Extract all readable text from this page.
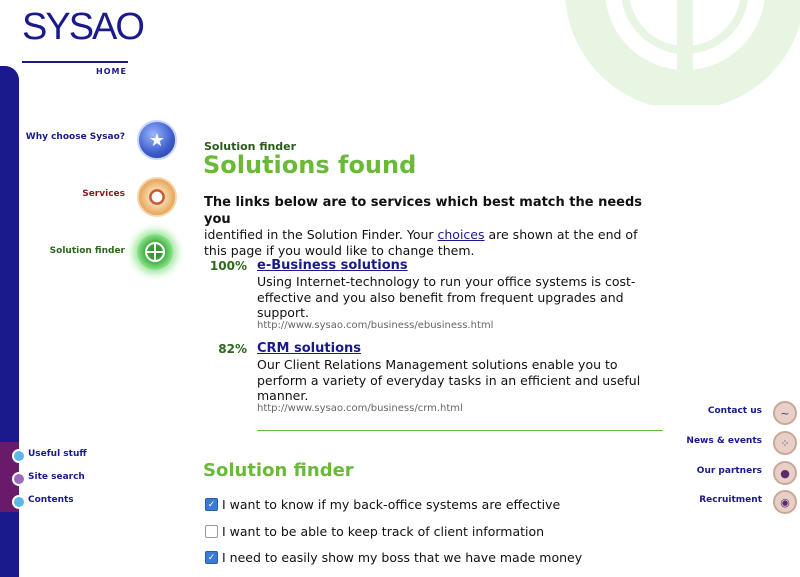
SYSAO
HOME
Why choose Sysao?	★
Services
Solution finder
Useful stuff
Site search
Contents
Contact us	~
News & events	⁘
Our partners	●
Recruitment	◉
Solution finder
Solutions found
The links below are to services which best match the needs you
identified in the Solution Finder. Your choices are shown at the end of this page if you would like to change them.
100% e-Business solutions
Using Internet-technology to run your office systems is cost-effective and you also benefit from frequent upgrades and support.
http://www.sysao.com/business/ebusiness.html
82% CRM solutions
Our Client Relations Management solutions enable you to perform a variety of everyday tasks in an efficient and useful manner.
http://www.sysao.com/business/crm.html
Solution finder
✓ I want to know if my back-office systems are effective
I want to be able to keep track of client information
✓ I need to easily show my boss that we have made money
